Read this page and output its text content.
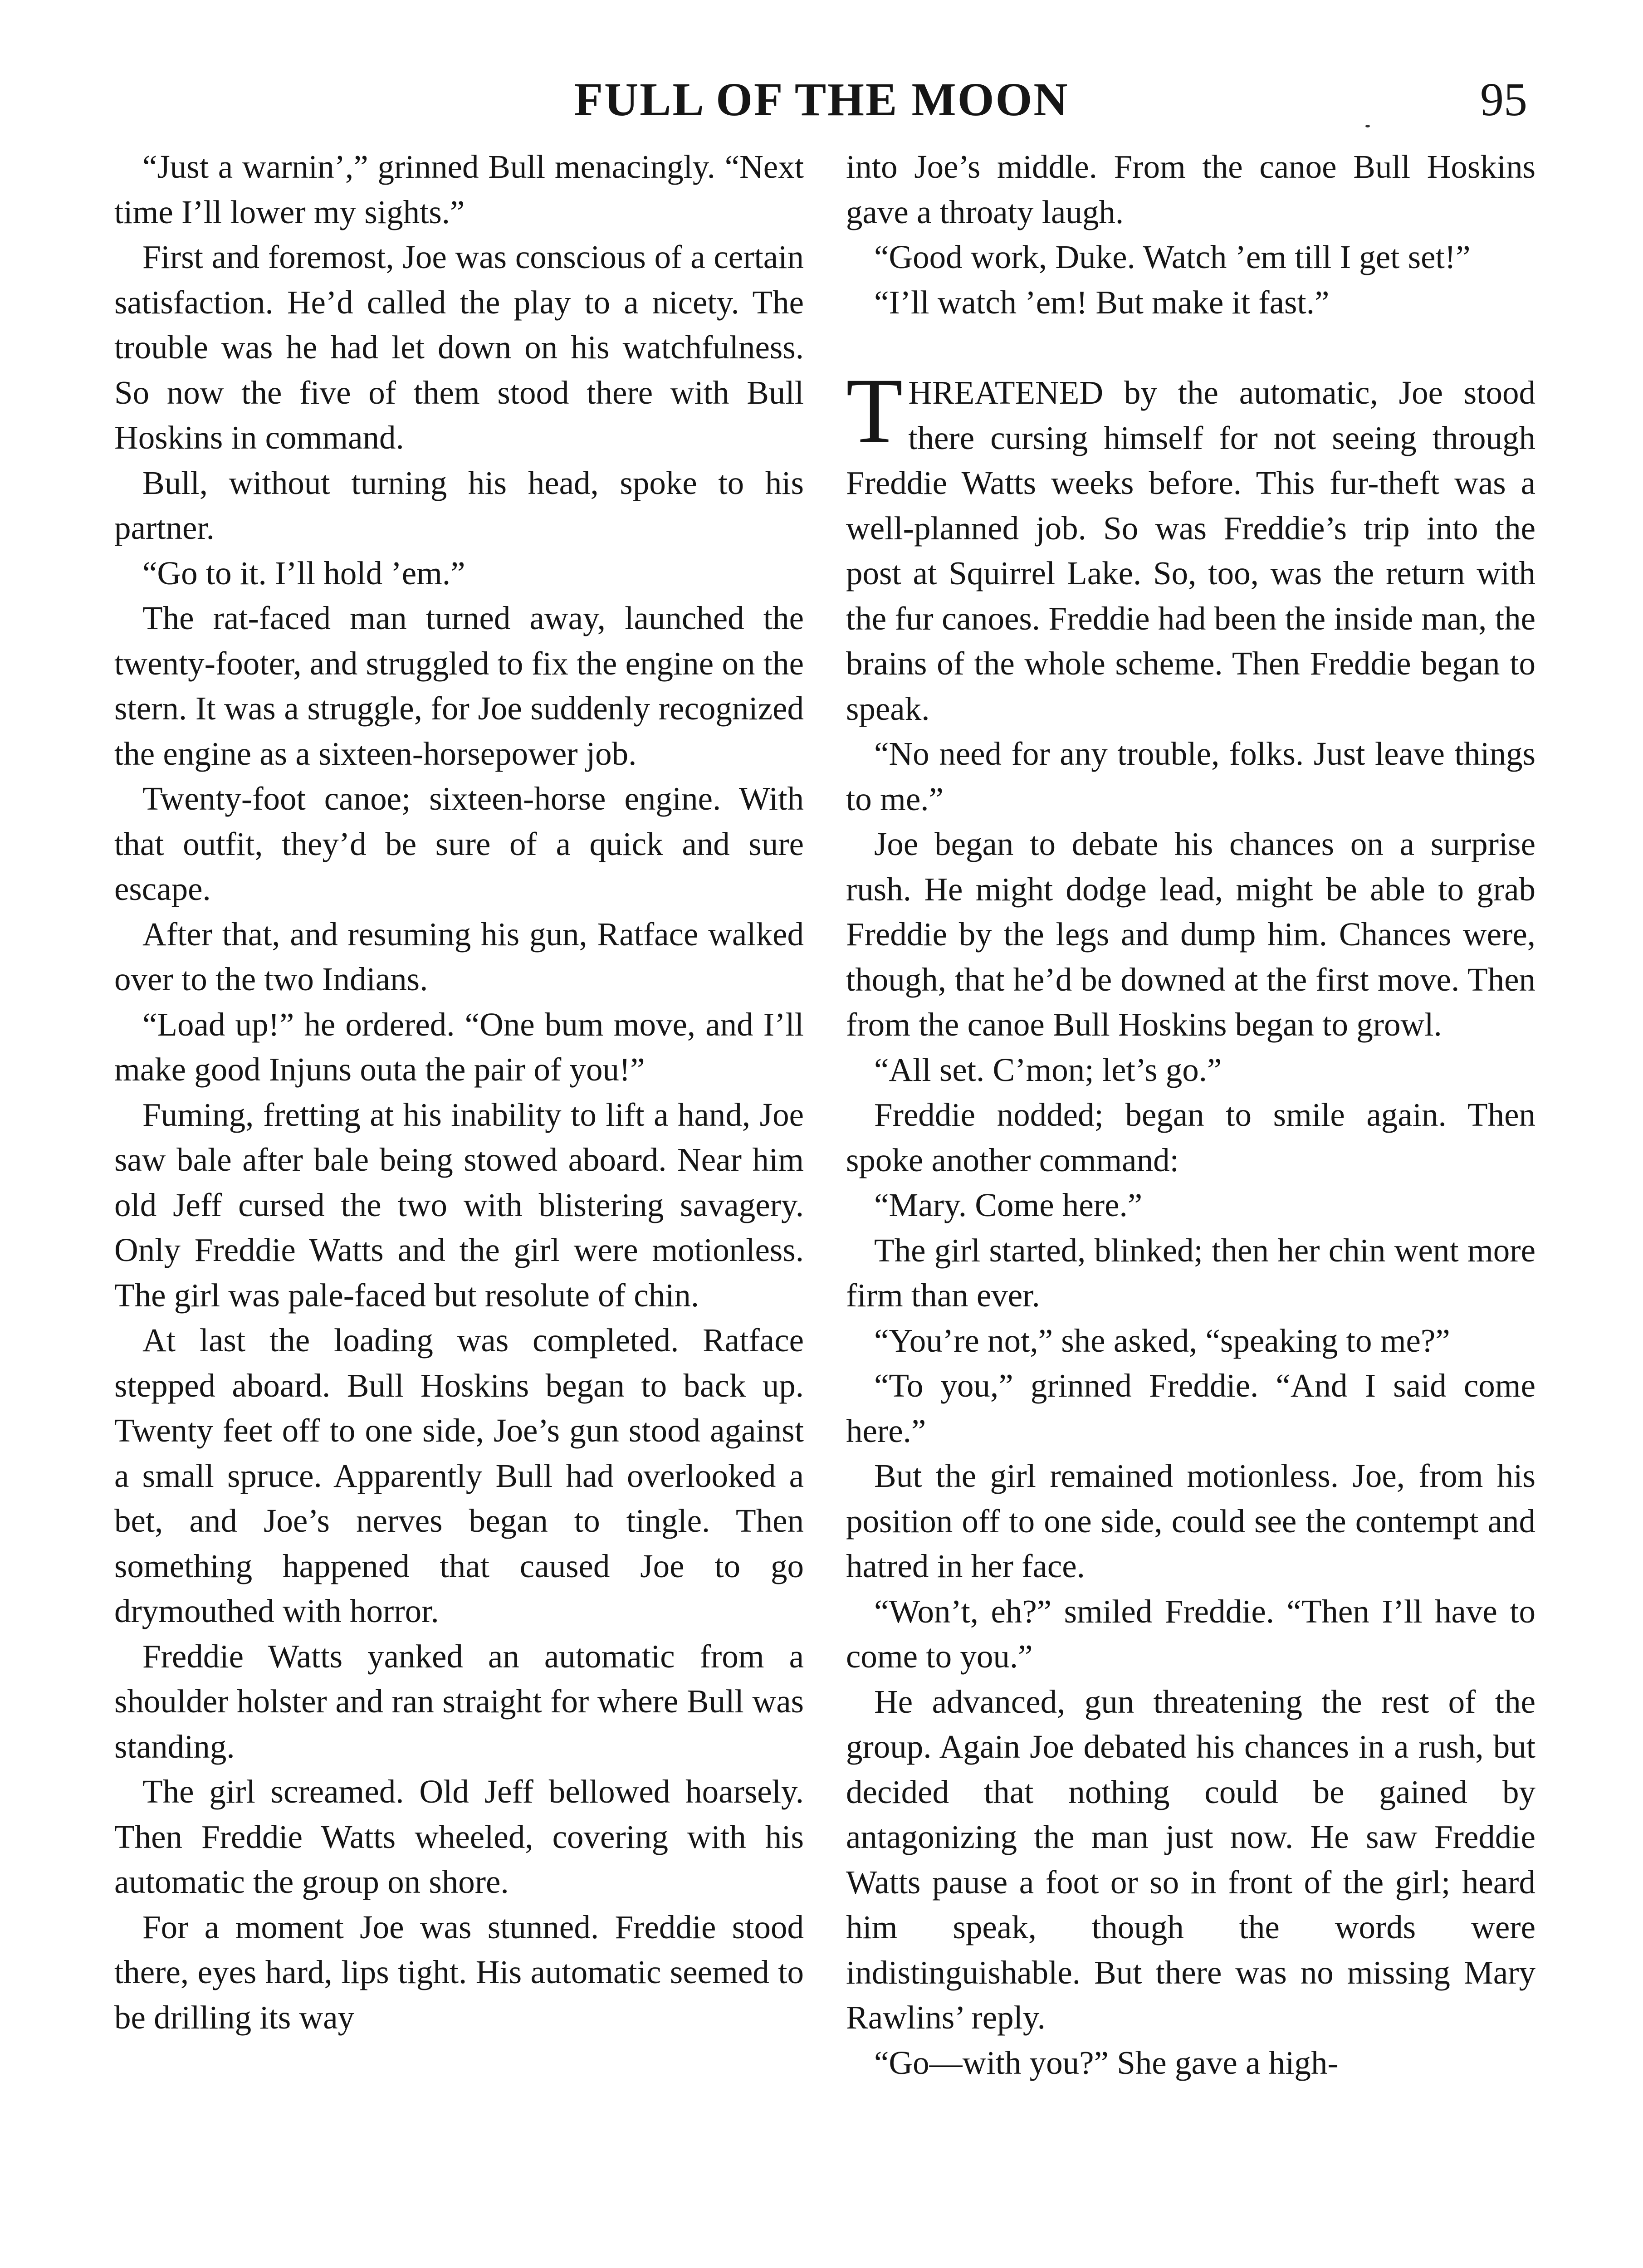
FULL OF THE MOON	95

“Just a warnin’,” grinned Bull menacingly. “Next time I’ll lower my sights.”

First and foremost, Joe was conscious of a certain satisfaction. He’d called the play to a nicety. The trouble was he had let down on his watchfulness. So now the five of them stood there with Bull Hoskins in command.

Bull, without turning his head, spoke to his partner.

“Go to it. I’ll hold ’em.”

The rat-faced man turned away, launched the twenty-footer, and struggled to fix the engine on the stern. It was a struggle, for Joe suddenly recognized the engine as a sixteen-horsepower job.

Twenty-foot canoe; sixteen-horse engine. With that outfit, they’d be sure of a quick and sure escape.

After that, and resuming his gun, Ratface walked over to the two Indians.

“Load up!” he ordered. “One bum move, and I’ll make good Injuns outa the pair of you!”

Fuming, fretting at his inability to lift a hand, Joe saw bale after bale being stowed aboard. Near him old Jeff cursed the two with blistering savagery. Only Freddie Watts and the girl were motionless. The girl was pale-faced but resolute of chin.

At last the loading was completed. Ratface stepped aboard. Bull Hoskins began to back up. Twenty feet off to one side, Joe’s gun stood against a small spruce. Apparently Bull had overlooked a bet, and Joe’s nerves began to tingle. Then something happened that caused Joe to go drymouthed with horror.

Freddie Watts yanked an automatic from a shoulder holster and ran straight for where Bull was standing.

The girl screamed. Old Jeff bellowed hoarsely. Then Freddie Watts wheeled, covering with his automatic the group on shore.

For a moment Joe was stunned. Freddie stood there, eyes hard, lips tight. His automatic seemed to be drilling its way

into Joe’s middle. From the canoe Bull Hoskins gave a throaty laugh.

“Good work, Duke. Watch ’em till I get set!”

“I’ll watch ’em! But make it fast.”

THREATENED by the automatic, Joe stood there cursing himself for not seeing through Freddie Watts weeks before. This fur-theft was a well-planned job. So was Freddie’s trip into the post at Squirrel Lake. So, too, was the return with the fur canoes. Freddie had been the inside man, the brains of the whole scheme. Then Freddie began to speak.

“No need for any trouble, folks. Just leave things to me.”

Joe began to debate his chances on a surprise rush. He might dodge lead, might be able to grab Freddie by the legs and dump him. Chances were, though, that he’d be downed at the first move. Then from the canoe Bull Hoskins began to growl.

“All set. C’mon; let’s go.”

Freddie nodded; began to smile again. Then spoke another command:

“Mary. Come here.”

The girl started, blinked; then her chin went more firm than ever.

“You’re not,” she asked, “speaking to me?”

“To you,” grinned Freddie. “And I said come here.”

But the girl remained motionless. Joe, from his position off to one side, could see the contempt and hatred in her face.

“Won’t, eh?” smiled Freddie. “Then I’ll have to come to you.”

He advanced, gun threatening the rest of the group. Again Joe debated his chances in a rush, but decided that nothing could be gained by antagonizing the man just now. He saw Freddie Watts pause a foot or so in front of the girl; heard him speak, though the words were indistinguishable. But there was no missing Mary Rawlins’ reply.

“Go—with you?” She gave a high-
